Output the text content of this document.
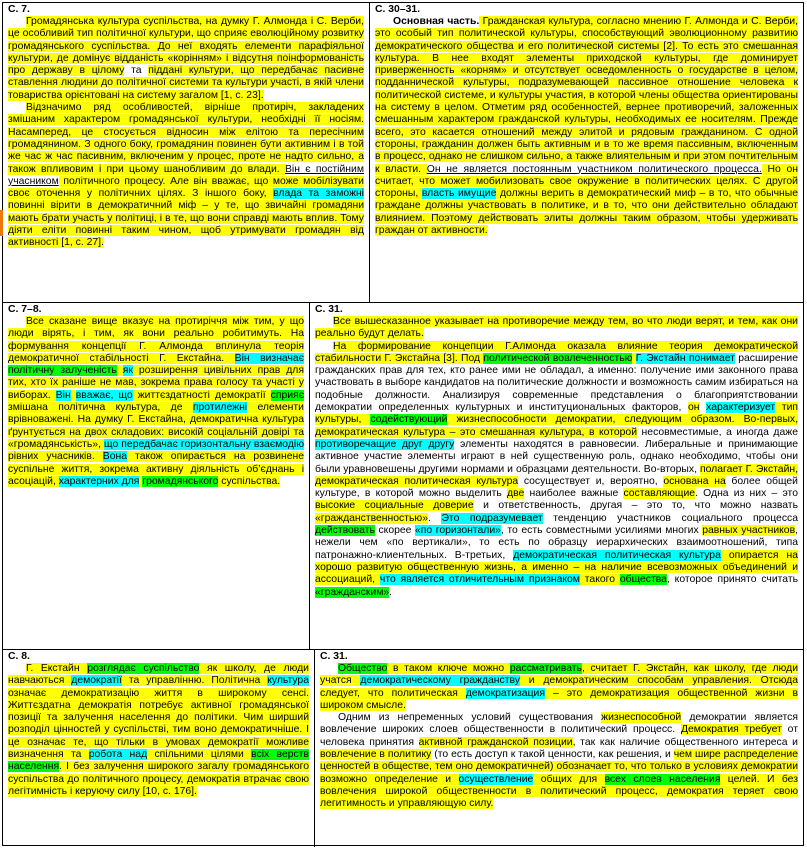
С. 7.
Громадянська культура суспільства, на думку Г. Алмонда і С. Верби, це особливий тип політичної культури, що сприяє еволюційному розвитку громадянського суспільства. До неї входять елементи парафіяльної культури, де домінує відданість «корінням» і відсутня поінформованість про державу в цілому та піддані культури, що передбачає пасивне ставлення людини до політичної системи та культури участі, в якій члени товариства орієнтовані на систему загалом [1, с. 23].
Відзначимо ряд особливостей, вірніше протиріч, закладених змішаним характером громадянської культури, необхідні її носіям. Насамперед, це стосується відносин між елітою та пересічним громадянином. З одного боку, громадянин повинен бути активним і в той же час ж час пасивним, включеним у процес, проте не надто сильно, а також впливовим і при цьому шанобливим до влади. Він є постійним учасником політичного процесу. Але він вважає, що може мобілізувати своє оточення у політичних цілях. З іншого боку, влада та заможні повинні вірити в демократичний міф – у те, що звичайні громадяни мають брати участь у політиці, і в те, що вони справді мають вплив. Тому діяти еліти повинні таким чином, щоб утримувати громадян від активності [1, с. 27].
С. 30–31.
Основная часть. Гражданская культура, согласно мнению Г. Алмонда и С. Верби, это особый тип политической культуры, способствующий эволюционному развитию демократического общества и его политической системы [2]. То есть это смешанная культура. В нее входят элементы приходской культуры, где доминирует приверженность «корням» и отсутствует осведомленность о государстве в целом, подданнической культуры, подразумевающей пассивное отношение человека к политической системе, и культуры участия, в которой члены общества ориентированы на систему в целом. Отметим ряд особенностей, вернее противоречий, заложенных смешанным характером гражданской культуры, необходимых ее носителям. Прежде всего, это касается отношений между элитой и рядовым гражданином. С одной стороны, гражданин должен быть активным и в то же время пассивным, включенным в процесс, однако не слишком сильно, а также влиятельным и при этом почтительным к власти. Он не является постоянным участником политического процесса. Но он считает, что может мобилизовать свое окружение в политических целях. С другой стороны, власть имущие должны верить в демократический миф – в то, что обычные граждане должны участвовать в политике, и в то, что они действительно обладают влиянием. Поэтому действовать элиты должны таким образом, чтобы удерживать граждан от активности.
С. 7–8.
Все сказане вище вказує на протиріччя між тим, у що люди вірять, і тим, як вони реально робитимуть. На формування концепції Г. Алмонда вплинула теорія демократичної стабільності Г. Екстайна. Він визначає політичну залученість як розширення цивільних прав для тих, хто їх раніше не мав, зокрема права голосу та участі у виборах. Він вважає, що життєздатності демократії сприяє змішана політична культура, де протилежні елементи врівноважені. На думку Г. Екстайна, демократична культура ґрунтується на двох складових: високій соціальній довірі та «громадянськість», що передбачає горизонтальну взаємодію рівних учасників. Вона також опирається на розвинене суспільне життя, зокрема активну діяльність об’єднань і асоціацій, характерних для громадянського суспільства.
С. 31.
Все вышесказанное указывает на противоречие между тем, во что люди верят, и тем, как они реально будут делать.
На формирование концепции Г.Алмонда оказала влияние теория демократической стабильности Г. Экстайна [3]. Под политической вовлеченностью Г. Экстайн понимает расширение гражданских прав для тех, кто ранее ими не обладал, а именно: получение ими законного права участвовать в выборе кандидатов на политические должности и возможность самим избираться на подобные должности. Анализируя современные представления о благоприятствовании демократии определенных культурных и институциональных факторов, он характеризует тип культуры, содействующий жизнеспособности демократии, следующим образом. Во-первых, демократическая культура – это смешанная культура, в которой несовместимые, а иногда даже противоречащие друг другу элементы находятся в равновесии. Либеральные и принимающие активное участие элементы играют в ней существенную роль, однако необходимо, чтобы они были уравновешены другими нормами и образцами деятельности. Во-вторых, полагает Г. Экстайн, демократическая политическая культура сосуществует и, вероятно, основана на более общей культуре, в которой можно выделить две наиболее важные составляющие. Одна из них – это высокие социальные доверие и ответственность, другая – это то, что можно назвать «гражданственностью». Это подразумевает тенденцию участников социального процесса действовать скорее «по горизонтали», то есть совместными усилиями многих равных участников, нежели чем «по вертикали», то есть по образцу иерархических взаимоотношений, типа патронажно-клиентельных. В-третьих, демократическая политическая культура опирается на хорошо развитую общественную жизнь, а именно – на наличие всевозможных объединений и ассоциаций, что является отличительным признаком такого общества, которое принято считать «гражданским».
С. 8.
Г. Екстайн розглядає суспільство як школу, де люди навчаються демократії та управлінню. Політична культура означає демократизацію життя в широкому сенсі. Життєздатна демократія потребує активної громадянської позиції та залучення населення до політики. Чим ширший розподіл цінностей у суспільстві, тим воно демократичніше. І це означає те, що тільки в умовах демократії можливе визначення та робота над спільними цілями всіх верств населення. І без залучення широкого загалу громадянського суспільства до політичного процесу, демократія втрачає свою легітимність і керуючу силу [10, с. 176].
С. 31.
Общество в таком ключе можно рассматривать, считает Г. Экстайн, как школу, где люди учатся демократическому гражданству и демократическим способам управления. Отсюда следует, что политическая демократизация – это демократизация общественной жизни в широком смысле.
Одним из непременных условий существования жизнеспособной демократии является вовлечение широких слоев общественности в политический процесс. Демократия требует от человека принятия активной гражданской позиции, так как наличие общественного интереса и вовлечение в политику (то есть доступ к такой ценности, как решения, и чем шире распределение ценностей в обществе, тем оно демократичней) обозначает то, что только в условиях демократии возможно определение и осуществление общих для всех слоев населения целей. И без вовлечения широкой общественности в политический процесс, демократия теряет свою легитимность и управляющую силу.
